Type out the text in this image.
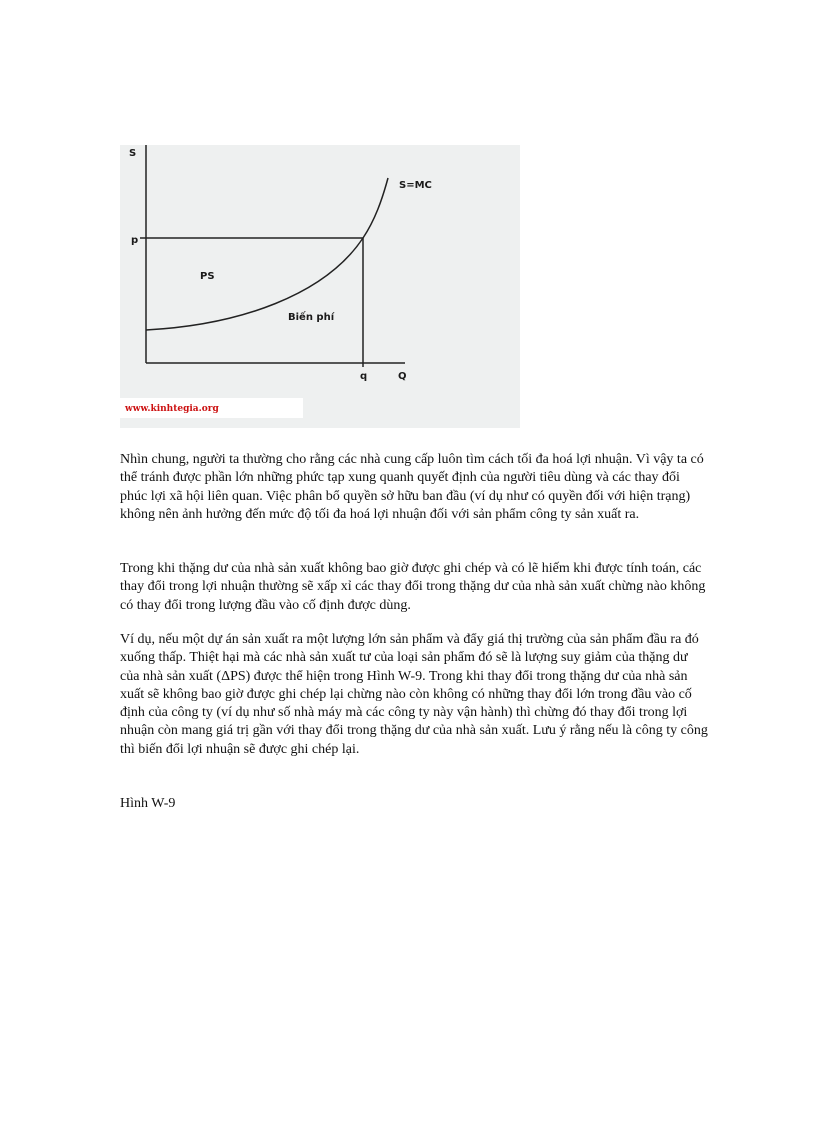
S
p
S=MC
PS
Biến phí
q	Q
www.kinhtegia.org

Nhìn chung, người ta thường cho rằng các nhà cung cấp luôn tìm cách tối đa hoá lợi nhuận. Vì vậy ta có thể tránh được phần lớn những phức tạp xung quanh quyết định của người tiêu dùng và các thay đổi phúc lợi xã hội liên quan. Việc phân bổ quyền sở hữu ban đầu (ví dụ như có quyền đối với hiện trạng) không nên ảnh hưởng đến mức độ tối đa hoá lợi nhuận đối với sản phẩm công ty sản xuất ra.

Trong khi thặng dư của nhà sản xuất không bao giờ được ghi chép và có lẽ hiếm khi được tính toán, các thay đổi trong lợi nhuận thường sẽ xấp xỉ các thay đổi trong thặng dư của nhà sản xuất chừng nào không có thay đổi trong lượng đầu vào cố định được dùng.

Ví dụ, nếu một dự án sản xuất ra một lượng lớn sản phẩm và đẩy giá thị trường của sản phẩm đầu ra đó xuống thấp. Thiệt hại mà các nhà sản xuất tư của loại sản phẩm đó sẽ là lượng suy giảm của thặng dư của nhà sản xuất (ΔPS) được thể hiện trong Hình W-9. Trong khi thay đổi trong thặng dư của nhà sản xuất sẽ không bao giờ được ghi chép lại chừng nào còn không có những thay đổi lớn trong đầu vào cố định của công ty (ví dụ như số nhà máy mà các công ty này vận hành) thì chừng đó thay đổi trong lợi nhuận còn mang giá trị gần với thay đổi trong thặng dư của nhà sản xuất. Lưu ý rằng nếu là công ty công thì biến đổi lợi nhuận sẽ được ghi chép lại.

Hình W-9
